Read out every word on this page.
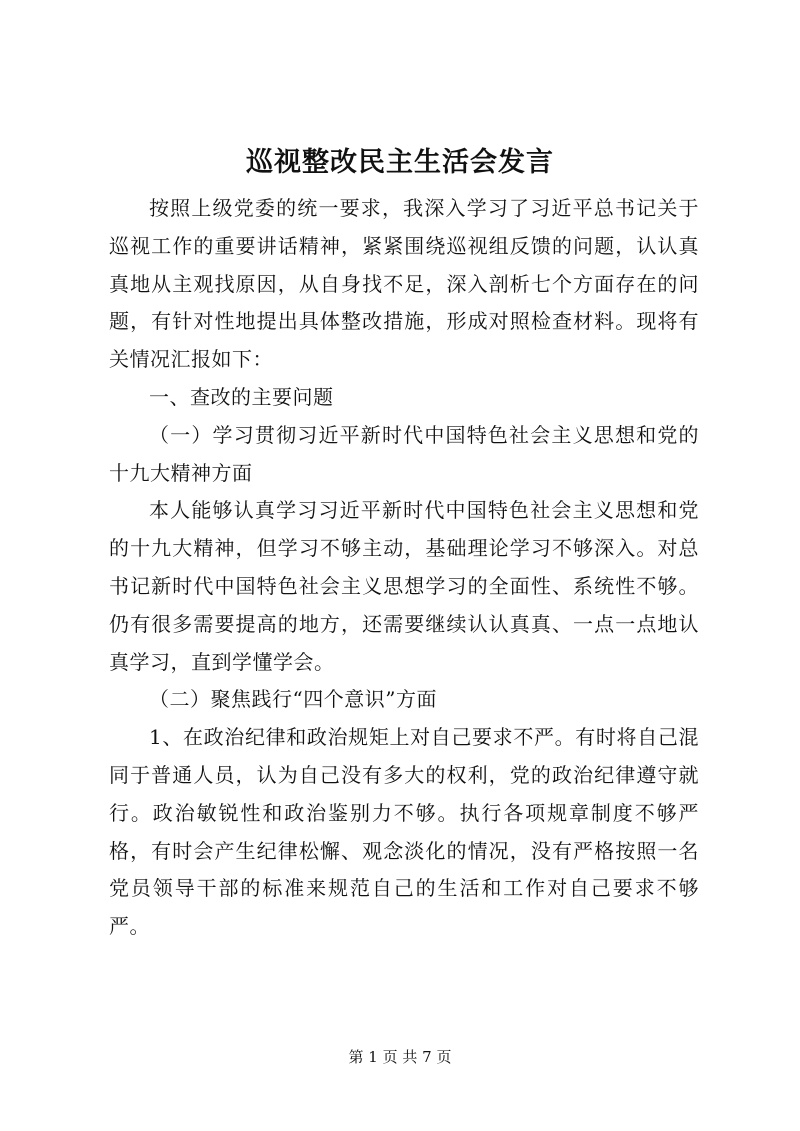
巡视整改民主生活会发言

按照上级党委的统一要求，我深入学习了习近平总书记关于巡视工作的重要讲话精神，紧紧围绕巡视组反馈的问题，认认真真地从主观找原因，从自身找不足，深入剖析七个方面存在的问题，有针对性地提出具体整改措施，形成对照检查材料。现将有关情况汇报如下：

一、查改的主要问题

（一）学习贯彻习近平新时代中国特色社会主义思想和党的十九大精神方面

本人能够认真学习习近平新时代中国特色社会主义思想和党的十九大精神，但学习不够主动，基础理论学习不够深入。对总书记新时代中国特色社会主义思想学习的全面性、系统性不够。仍有很多需要提高的地方，还需要继续认认真真、一点一点地认真学习，直到学懂学会。

（二）聚焦践行“四个意识”方面

1、在政治纪律和政治规矩上对自己要求不严。有时将自己混同于普通人员，认为自己没有多大的权利，党的政治纪律遵守就行。政治敏锐性和政治鉴别力不够。执行各项规章制度不够严格，有时会产生纪律松懈、观念淡化的情况，没有严格按照一名党员领导干部的标准来规范自己的生活和工作对自己要求不够严。

第 1 页 共 7 页
